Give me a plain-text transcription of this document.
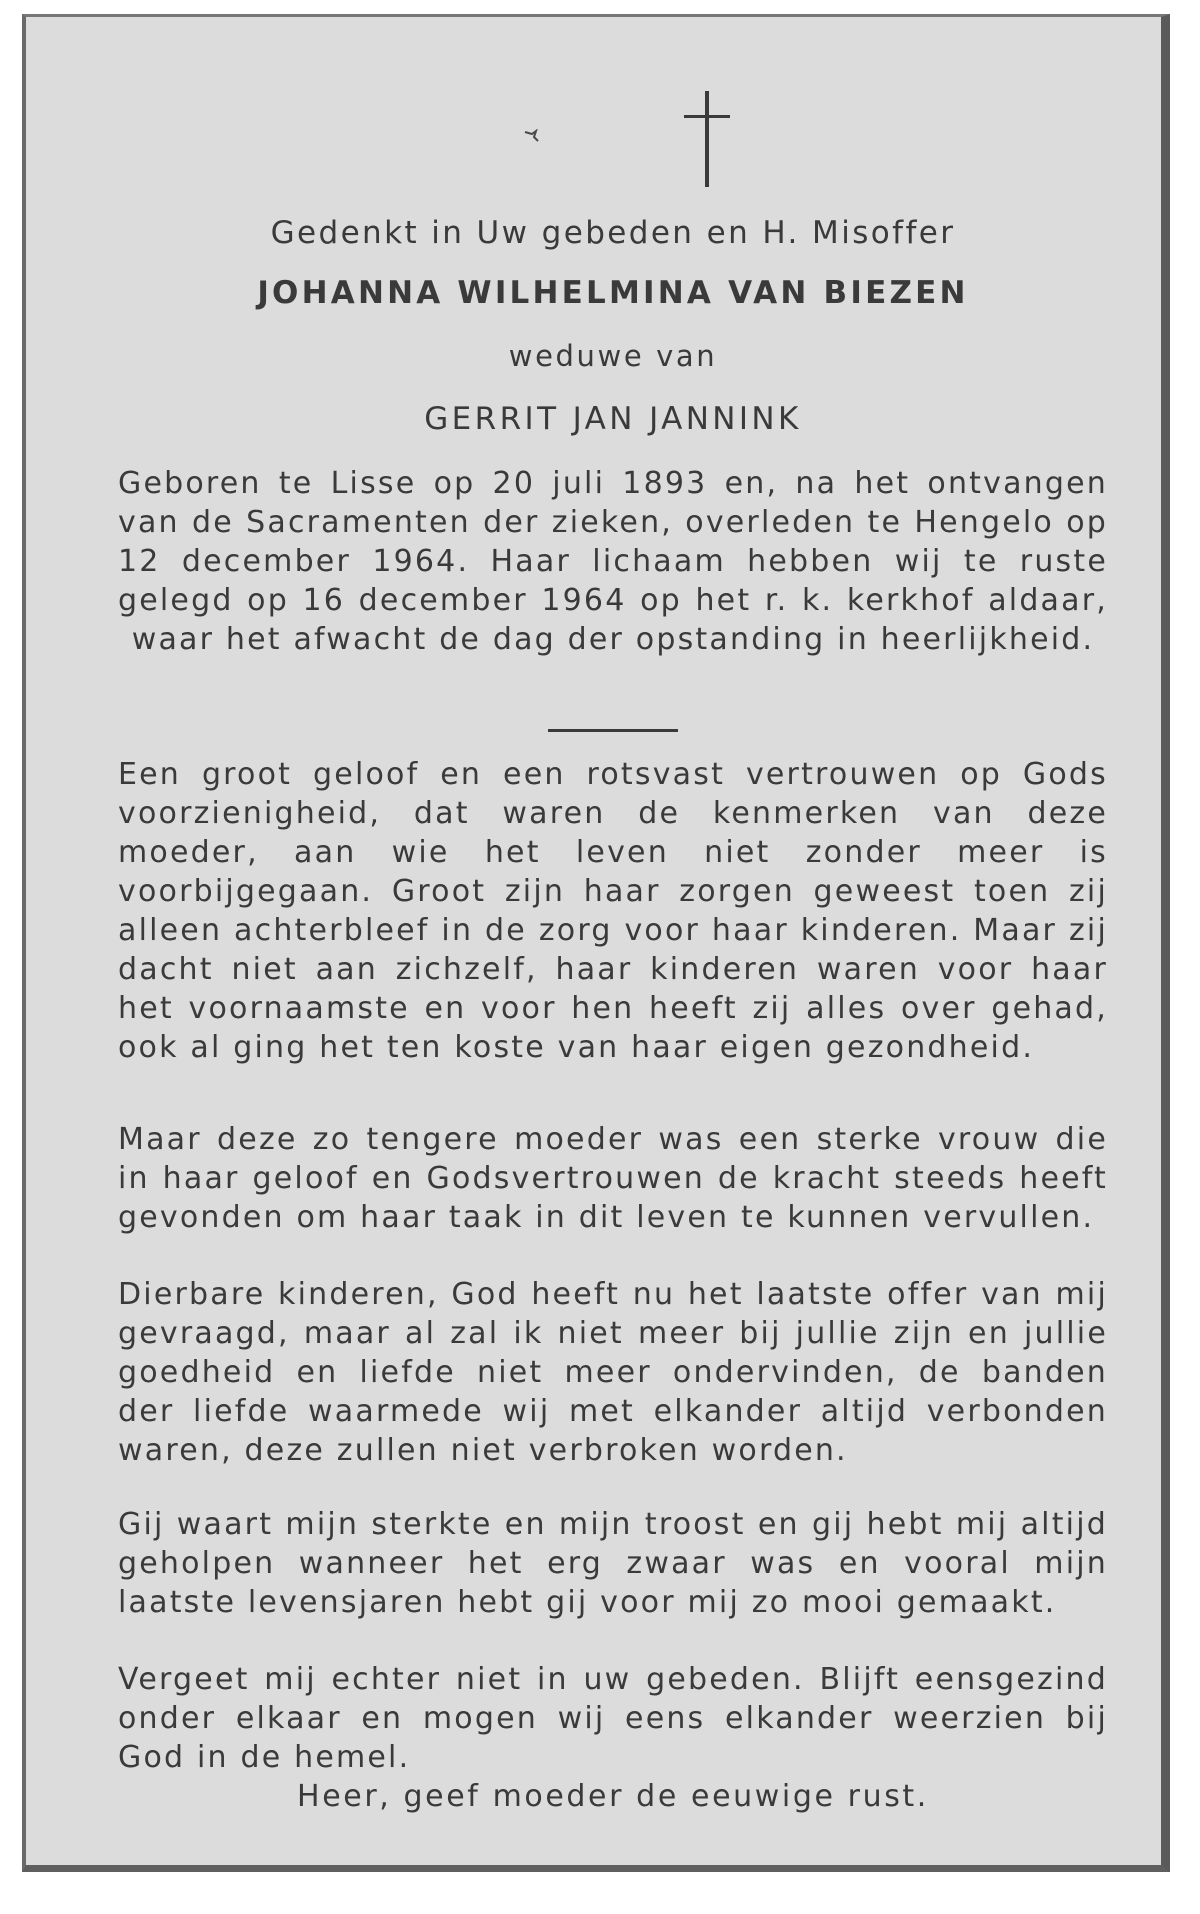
Gedenkt in Uw gebeden en H. Misoffer
JOHANNA WILHELMINA VAN BIEZEN
weduwe van
GERRIT JAN JANNINK
Geboren te Lisse op 20 juli 1893 en, na het ontvangen van de Sacramenten der zieken, overleden te Hengelo op 12 december 1964. Haar lichaam hebben wij te ruste gelegd op 16 december 1964 op het r. k. kerkhof aldaar, waar het afwacht de dag der opstanding in heerlijkheid.
Een groot geloof en een rotsvast vertrouwen op Gods voorzienigheid, dat waren de kenmerken van deze moeder, aan wie het leven niet zonder meer is voorbijgegaan. Groot zijn haar zorgen geweest toen zij alleen achterbleef in de zorg voor haar kinderen. Maar zij dacht niet aan zichzelf, haar kinderen waren voor haar het voornaamste en voor hen heeft zij alles over gehad, ook al ging het ten koste van haar eigen gezondheid.
Maar deze zo tengere moeder was een sterke vrouw die in haar geloof en Godsvertrouwen de kracht steeds heeft gevonden om haar taak in dit leven te kunnen vervullen.
Dierbare kinderen, God heeft nu het laatste offer van mij gevraagd, maar al zal ik niet meer bij jullie zijn en jullie goedheid en liefde niet meer ondervinden, de banden der liefde waarmede wij met elkander altijd verbonden waren, deze zullen niet verbroken worden.
Gij waart mijn sterkte en mijn troost en gij hebt mij altijd geholpen wanneer het erg zwaar was en vooral mijn laatste levensjaren hebt gij voor mij zo mooi gemaakt.
Vergeet mij echter niet in uw gebeden. Blijft eensgezind onder elkaar en mogen wij eens elkander weerzien bij God in de hemel.
Heer, geef moeder de eeuwige rust.
